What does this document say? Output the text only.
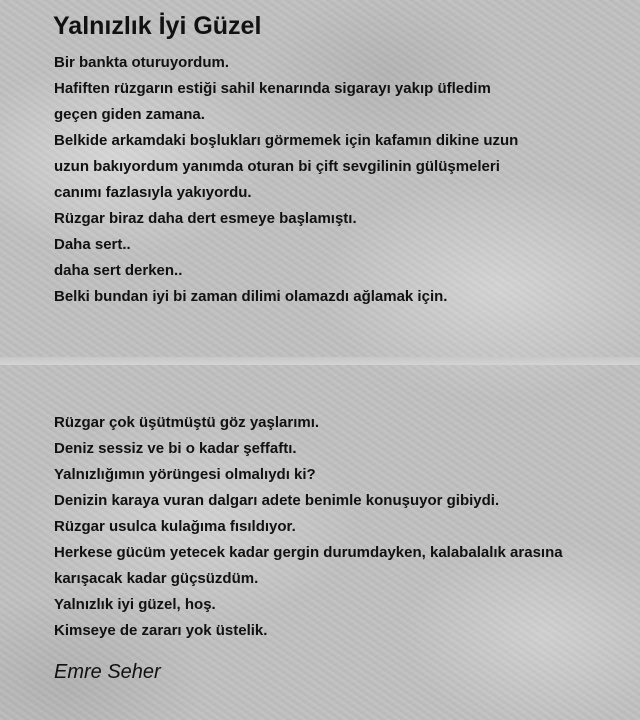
Yalnızlık İyi Güzel
Bir bankta oturuyordum.
Hafiften rüzgarın estiği sahil kenarında sigarayı yakıp üfledim
geçen giden zamana.
Belkide arkamdaki boşlukları görmemek için kafamın dikine uzun
uzun bakıyordum yanımda oturan bi çift sevgilinin gülüşmeleri
canımı fazlasıyla yakıyordu.
Rüzgar biraz daha dert esmeye başlamıştı.
Daha sert..
daha sert derken..
Belki bundan iyi bi zaman dilimi olamazdı ağlamak için.
Rüzgar çok üşütmüştü göz yaşlarımı.
Deniz sessiz ve bi o kadar şeffaftı.
Yalnızlığımın yörüngesi olmalıydı ki?
Denizin karaya vuran dalgarı adete benimle konuşuyor gibiydi.
Rüzgar usulca kulağıma fısıldıyor.
Herkese gücüm yetecek kadar gergin durumdayken, kalabalalık arasına
karışacak kadar güçsüzdüm.
Yalnızlık iyi güzel, hoş.
Kimseye de zararı yok üstelik.
Emre Seher
